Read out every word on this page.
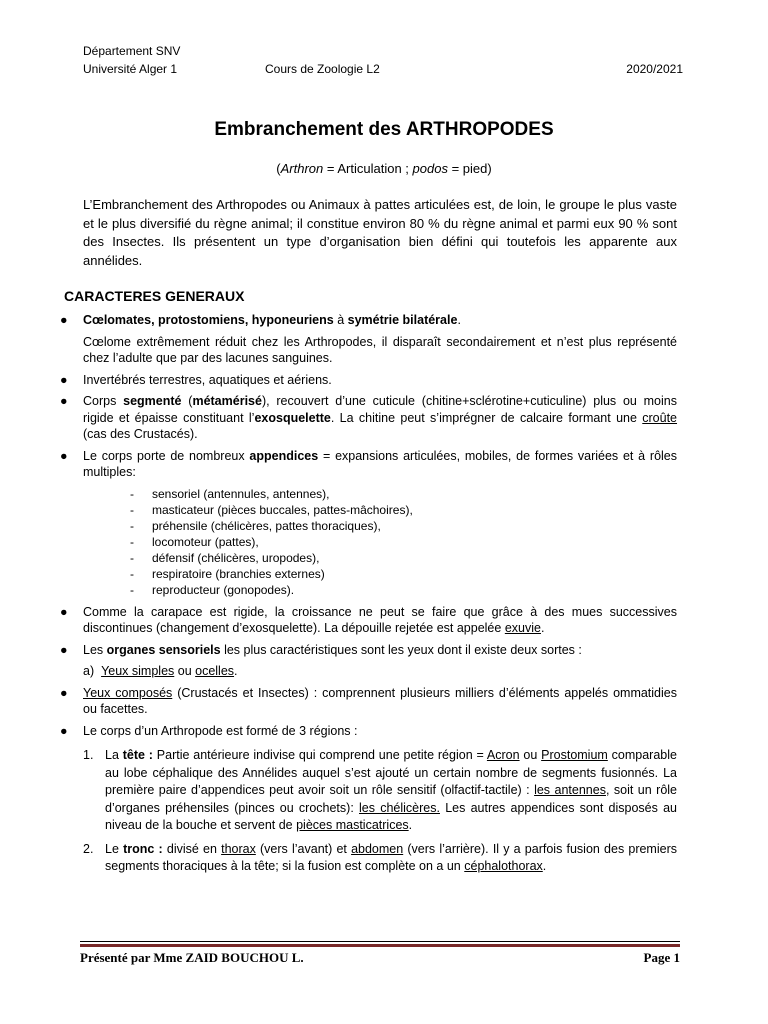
Département SNV
Université Alger 1	Cours de Zoologie L2	2020/2021
Embranchement des ARTHROPODES
(Arthron = Articulation ; podos = pied)
L’Embranchement des Arthropodes ou Animaux à pattes articulées est, de loin, le groupe le plus vaste et le plus diversifié du règne animal; il constitue environ 80 % du règne animal et parmi eux 90 % sont des Insectes. Ils présentent un type d’organisation bien défini qui toutefois les apparente aux annélides.
CARACTERES GENERAUX
● Cœlomates, protostomiens, hyponeuriens à symétrie bilatérale.
Cœlome extrêmement réduit chez les Arthropodes, il disparaît secondairement et n’est plus représenté chez l’adulte que par des lacunes sanguines.
● Invertébrés terrestres, aquatiques et aériens.
● Corps segmenté (métamérisé), recouvert d’une cuticule (chitine+sclérotine+cuticuline) plus ou moins rigide et épaisse constituant l’exosquelette. La chitine peut s’imprégner de calcaire formant une croûte (cas des Crustacés).
● Le corps porte de nombreux appendices = expansions articulées, mobiles, de formes variées et à rôles multiples:
-	sensoriel (antennules, antennes),
-	masticateur (pièces buccales, pattes-mâchoires),
-	préhensile (chélicères, pattes thoraciques),
-	locomoteur (pattes),
-	défensif (chélicères, uropodes),
-	respiratoire (branchies externes)
-	reproducteur (gonopodes).
● Comme la carapace est rigide, la croissance ne peut se faire que grâce à des mues successives discontinues (changement d’exosquelette). La dépouille rejetée est appelée exuvie.
● Les organes sensoriels les plus caractéristiques sont les yeux dont il existe deux sortes :
a) Yeux simples ou ocelles.
● Yeux composés (Crustacés et Insectes) : comprennent plusieurs milliers d’éléments appelés ommatidies ou facettes.
● Le corps d’un Arthropode est formé de 3 régions :
1. La tête : Partie antérieure indivise qui comprend une petite région = Acron ou Prostomium comparable au lobe céphalique des Annélides auquel s’est ajouté un certain nombre de segments fusionnés. La première paire d’appendices peut avoir soit un rôle sensitif (olfactif-tactile) : les antennes, soit un rôle d’organes préhensiles (pinces ou crochets): les chélicères. Les autres appendices sont disposés au niveau de la bouche et servent de pièces masticatrices.
2. Le tronc : divisé en thorax (vers l’avant) et abdomen (vers l’arrière). Il y a parfois fusion des premiers segments thoraciques à la tête; si la fusion est complète on a un céphalothorax.
Présenté par Mme ZAID BOUCHOU L.	Page 1
